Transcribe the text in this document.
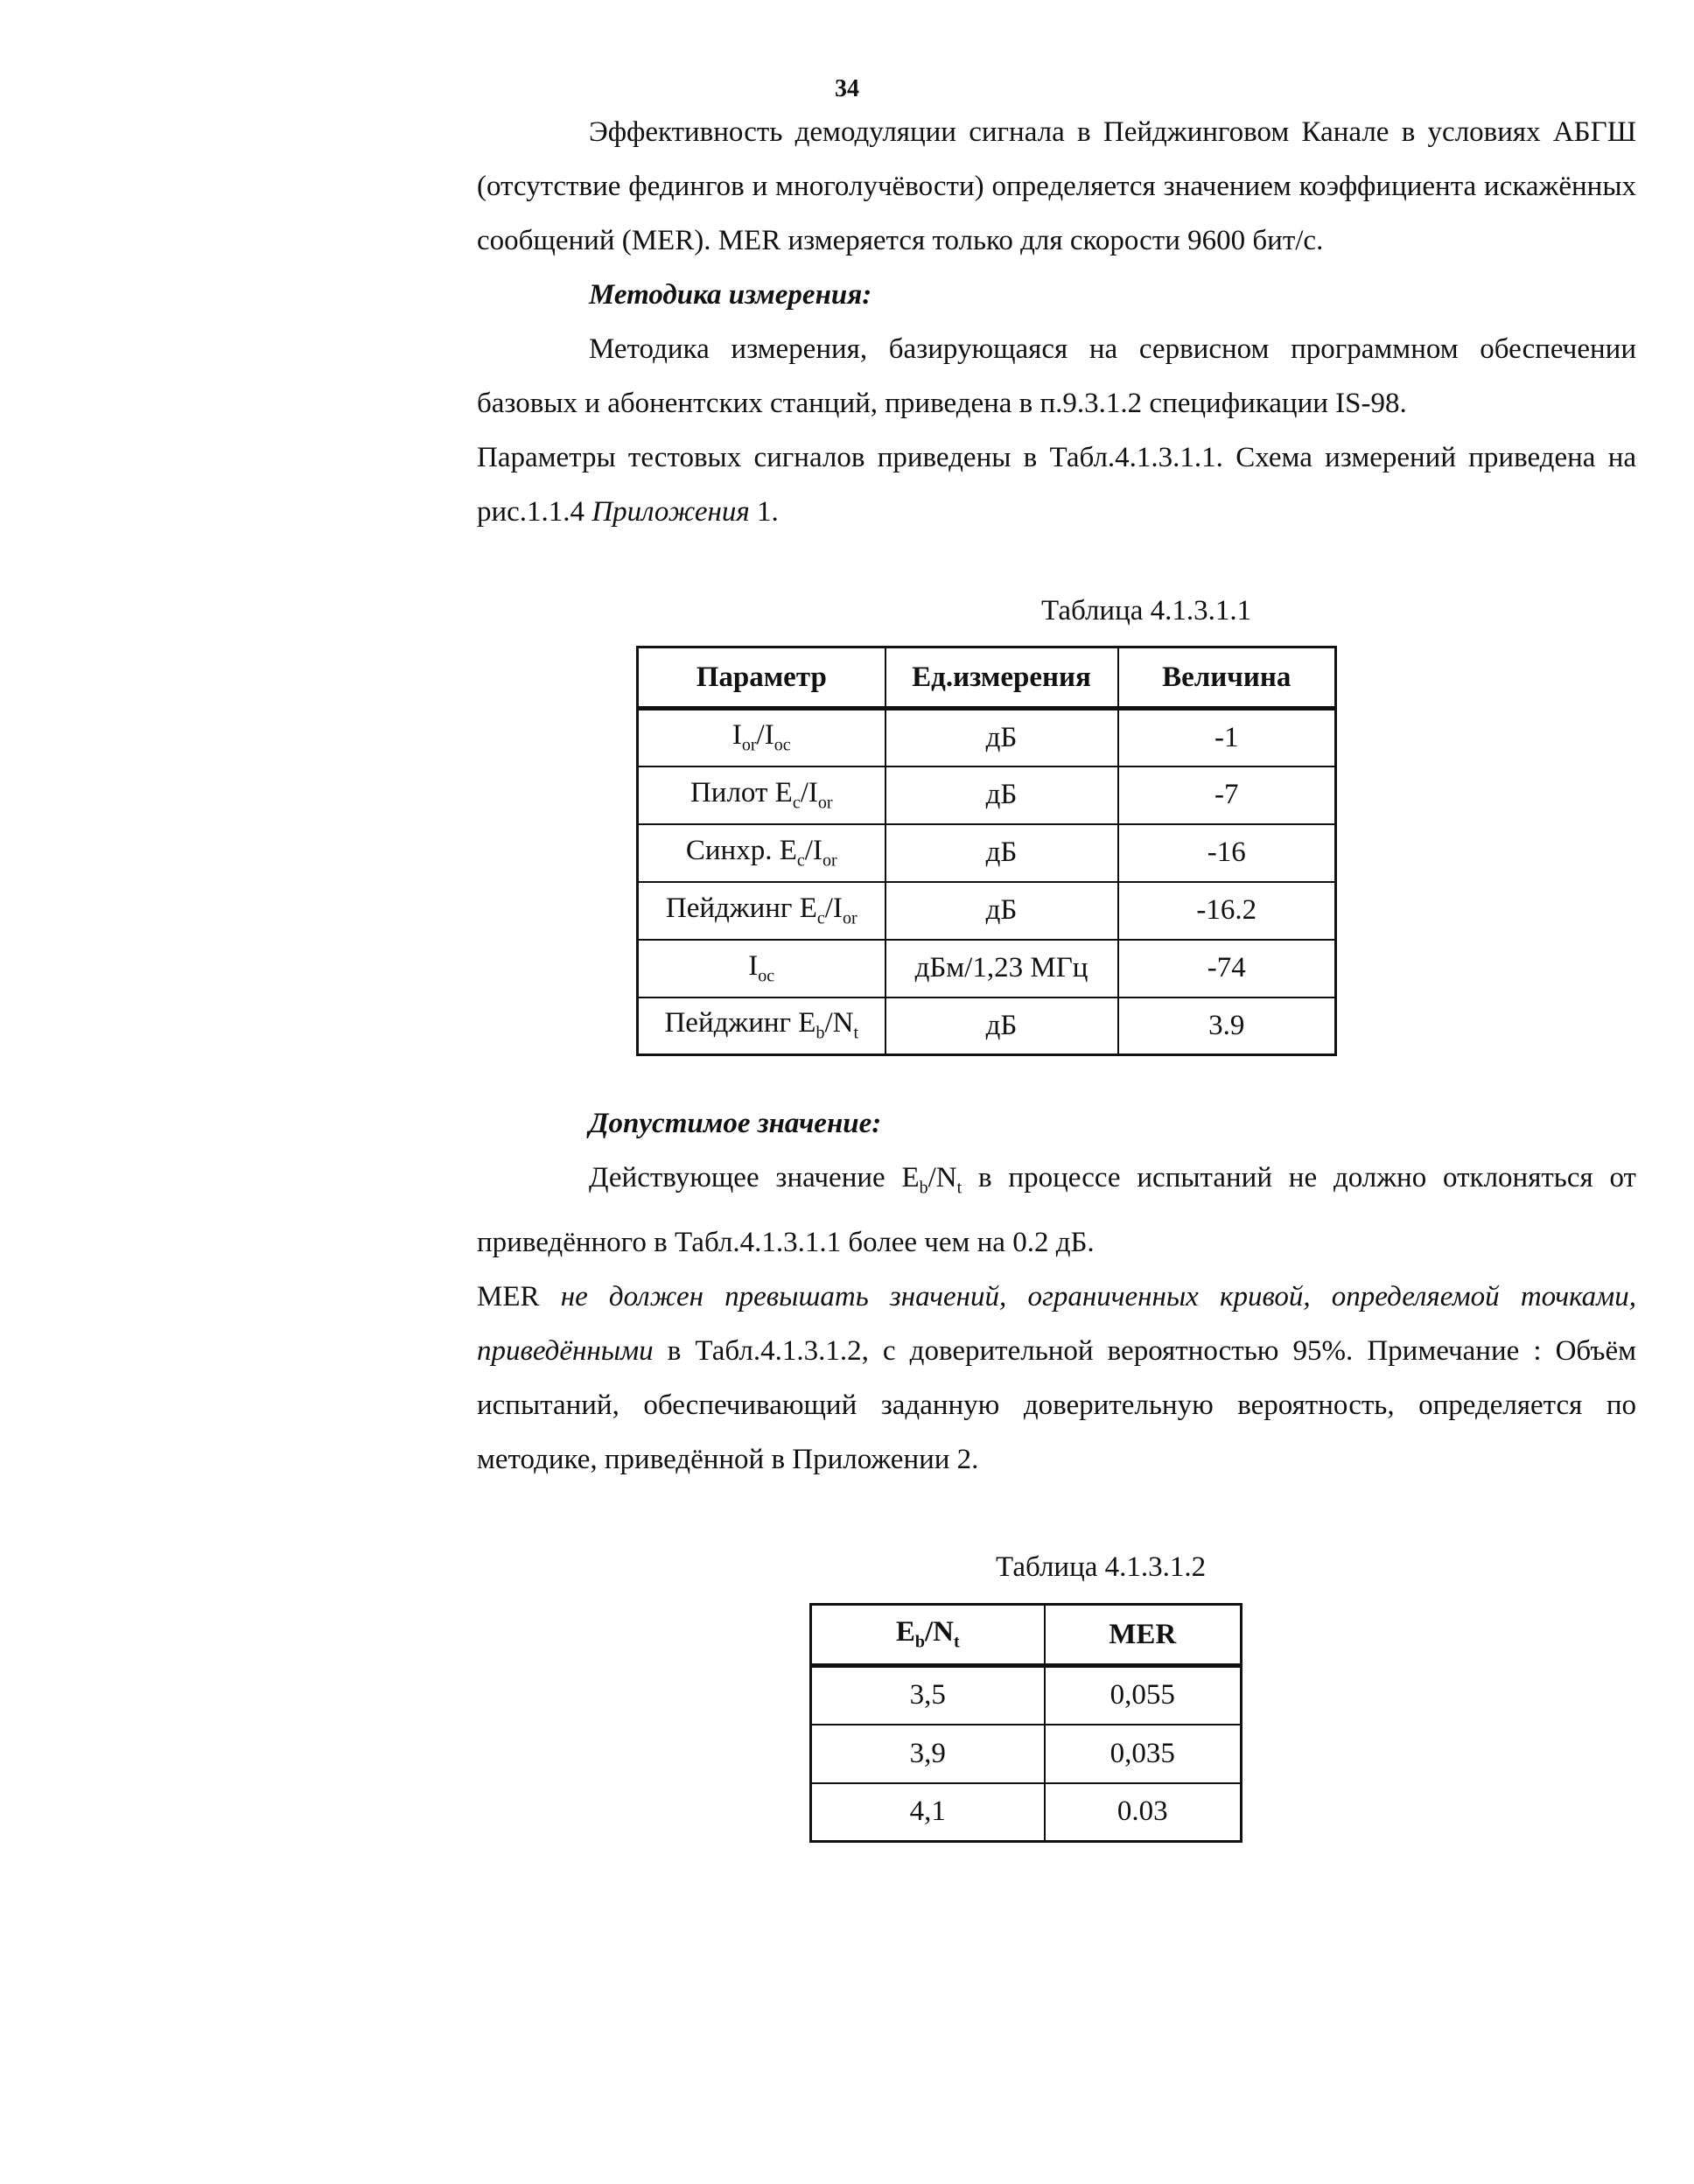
34

Эффективность демодуляции сигнала в Пейджинговом Канале в условиях АБГШ (отсутствие федингов и многолучёвости) определяется значением коэффициента искажённых сообщений (MER). MER измеряется только для скорости 9600 бит/с.

Методика измерения:

Методика измерения, базирующаяся на сервисном программном обеспечении базовых и абонентских станций, приведена в п.9.3.1.2 спецификации IS-98.

Параметры тестовых сигналов приведены в Табл.4.1.3.1.1. Схема измерений приведена на рис.1.1.4 Приложения 1.

Таблица 4.1.3.1.1
Параметр	Ед.измерения	Величина
$I_{or}/I_{oc}$	дБ	-1
Пилот $E_c/I_{or}$	дБ	-7
Синхр. $E_c/I_{or}$	дБ	-16
Пейджинг $E_c/I_{or}$	дБ	-16.2
$I_{oc}$	дБм/1,23 МГц	-74
Пейджинг $E_b/N_t$	дБ	3.9

Допустимое значение:

Действующее значение $E_b/N_t$ в процессе испытаний не должно отклоняться от приведённого в Табл.4.1.3.1.1 более чем на 0.2 дБ.

MER не должен превышать значений, ограниченных кривой, определяемой точками, приведёнными в Табл.4.1.3.1.2, с доверительной вероятностью 95%. Примечание : Объём испытаний, обеспечивающий заданную доверительную вероятность, определяется по методике, приведённой в Приложении 2.

Таблица 4.1.3.1.2
$E_b/N_t$	MER
3,5	0,055
3,9	0,035
4,1	0.03
